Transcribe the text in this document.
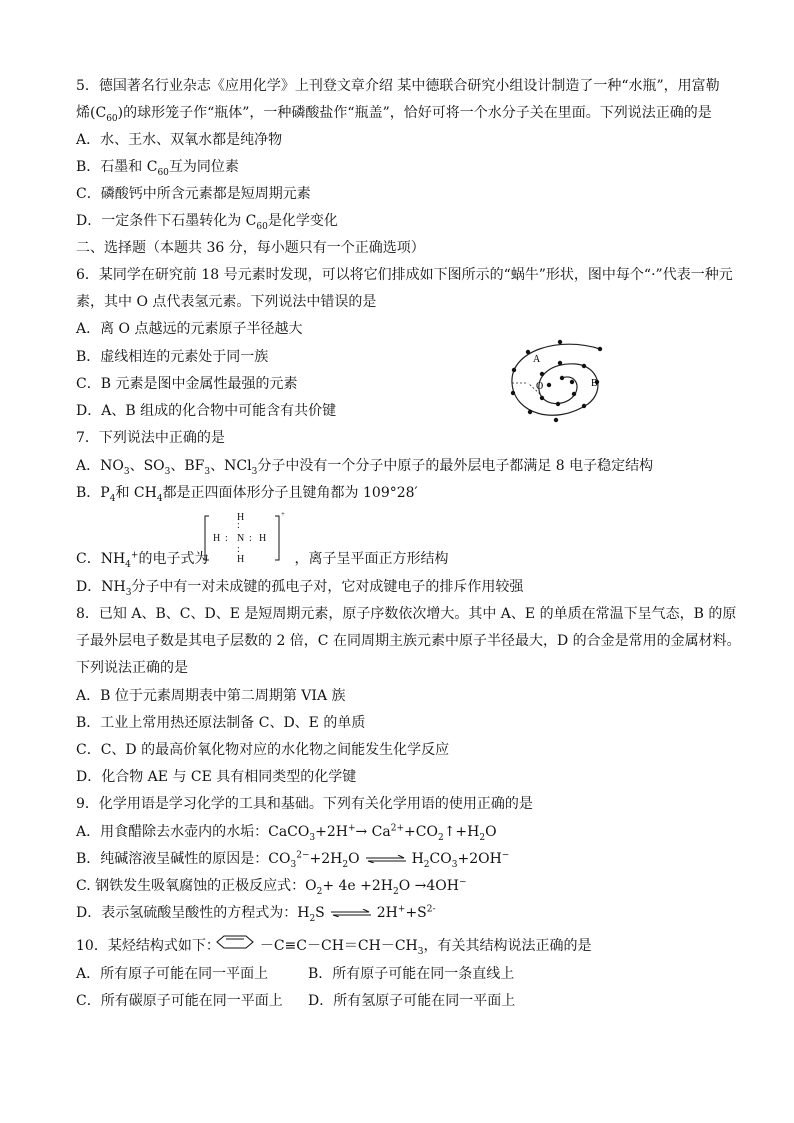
5．德国著名行业杂志《应用化学》上刊登文章介绍 某中德联合研究小组设计制造了一种“水瓶”，用富勒
烯$(C_{60})$的球形笼子作“瓶体”，一种磷酸盐作“瓶盖”，恰好可将一个水分子关在里面。下列说法正确的是
A．水、王水、双氧水都是纯净物
B．石墨和 $C_{60}$互为同位素
C．磷酸钙中所含元素都是短周期元素
D．一定条件下石墨转化为 $C_{60}$是化学变化
二、选择题（本题共 36 分，每小题只有一个正确选项）
6．某同学在研究前 18 号元素时发现，可以将它们排成如下图所示的“蜗牛”形状，图中每个“·”代表一种元
素，其中 O 点代表氢元素。下列说法中错误的是
A．离 O 点越远的元素原子半径越大
B．虚线相连的元素处于同一族
C．B 元素是图中金属性最强的元素
D．A、B 组成的化合物中可能含有共价键
A
O	B
7．下列说法中正确的是
A．$NO_3$、$SO_3$、$BF_3$、NCl$_3$分子中没有一个分子中原子的最外层电子都满足 8 电子稳定结构
B．$P_4$和 $CH_4$都是正四面体形分子且键角都为 109°28′
H
:
H : N : H
:
H
+
C．$NH_4^+$的电子式为	，离子呈平面正方形结构
D．$NH_3$分子中有一对未成键的孤电子对，它对成键电子的排斥作用较强
8．已知 A、B、C、D、E 是短周期元素，原子序数依次增大。其中 A、E 的单质在常温下呈气态，B 的原
子最外层电子数是其电子层数的 2 倍，C 在同周期主族元素中原子半径最大，D 的合金是常用的金属材料。
下列说法正确的是
A．B 位于元素周期表中第二周期第 VIA 族
B．工业上常用热还原法制备 C、D、E 的单质
C．C、D 的最高价氧化物对应的水化物之间能发生化学反应
D．化合物 AE 与 CE 具有相同类型的化学键
9．化学用语是学习化学的工具和基础。下列有关化学用语的使用正确的是
A．用食醋除去水壶内的水垢：CaCO$_3$+2H+→ $Ca^{2+}+CO_2↑+H_2O$
B．纯碱溶液呈碱性的原因是：$CO_3^{2-}+2H_2O$ ⇌ $H_2CO_3+2OH^-$
C. 钢铁发生吸氧腐蚀的正极反应式：$O_2+ 4e +2H_2O \to 4OH^-$
D．表示氢硫酸呈酸性的方程式为：$H_2S$ ⇌ $2H^++S^{2-}$
10．某烃结构式如下：	$-C\equiv C-CH=CH-CH_3$，有关其结构说法正确的是
A．所有原子可能在同一平面上	B．所有原子可能在同一条直线上
C．所有碳原子可能在同一平面上 D．所有氢原子可能在同一平面上
